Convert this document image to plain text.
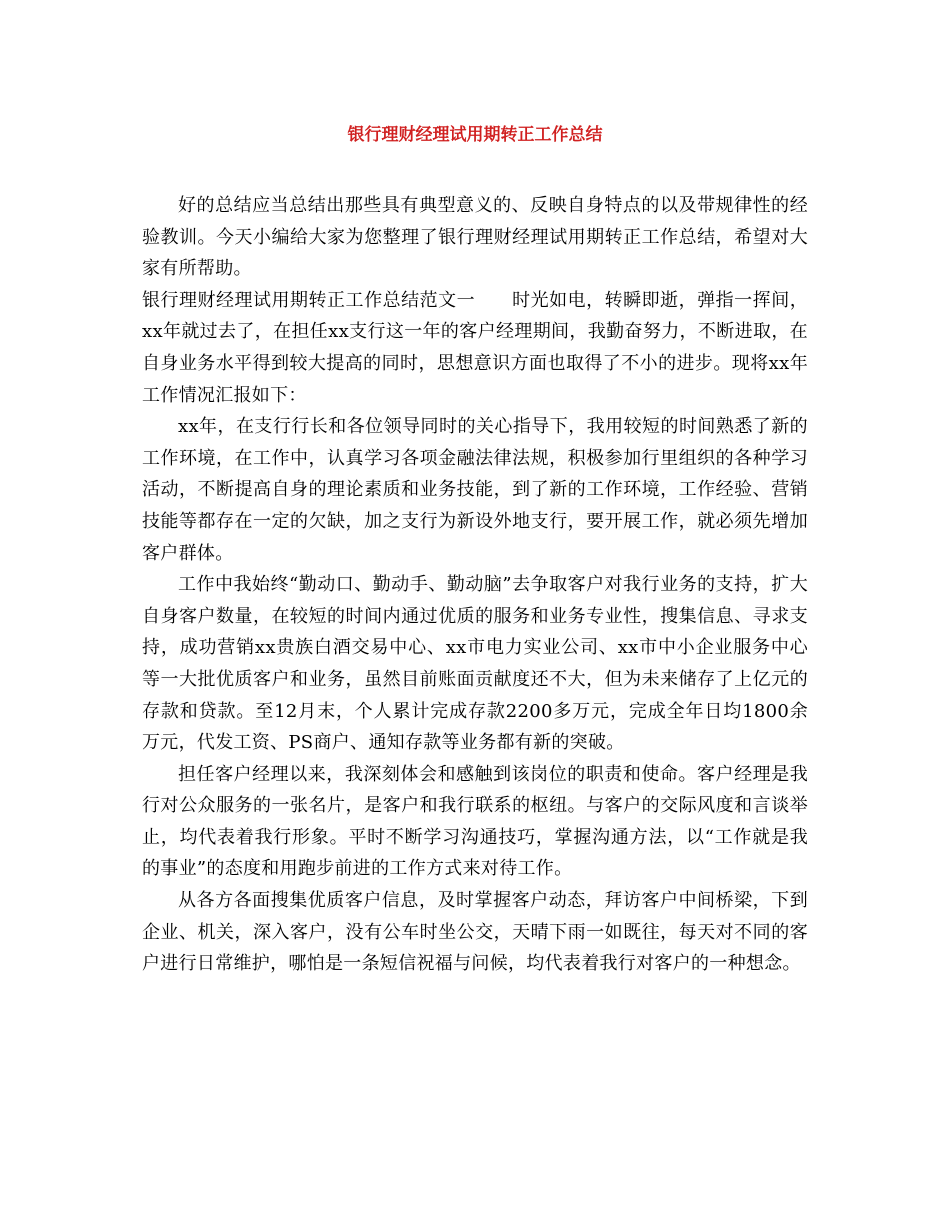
银行理财经理试用期转正工作总结

好的总结应当总结出那些具有典型意义的、反映自身特点的以及带规律性的经验教训。今天小编给大家为您整理了银行理财经理试用期转正工作总结，希望对大家有所帮助。

银行理财经理试用期转正工作总结范文一　　时光如电，转瞬即逝，弹指一挥间，xx年就过去了，在担任xx支行这一年的客户经理期间，我勤奋努力，不断进取，在自身业务水平得到较大提高的同时，思想意识方面也取得了不小的进步。现将xx年工作情况汇报如下：

xx年，在支行行长和各位领导同时的关心指导下，我用较短的时间熟悉了新的工作环境，在工作中，认真学习各项金融法律法规，积极参加行里组织的各种学习活动，不断提高自身的理论素质和业务技能，到了新的工作环境，工作经验、营销技能等都存在一定的欠缺，加之支行为新设外地支行，要开展工作，就必须先增加客户群体。

工作中我始终“勤动口、勤动手、勤动脑”去争取客户对我行业务的支持，扩大自身客户数量，在较短的时间内通过优质的服务和业务专业性，搜集信息、寻求支持，成功营销xx贵族白酒交易中心、xx市电力实业公司、xx市中小企业服务中心等一大批优质客户和业务，虽然目前账面贡献度还不大，但为未来储存了上亿元的存款和贷款。至12月末，个人累计完成存款2200多万元，完成全年日均1800余万元，代发工资、PS商户、通知存款等业务都有新的突破。

担任客户经理以来，我深刻体会和感触到该岗位的职责和使命。客户经理是我行对公众服务的一张名片，是客户和我行联系的枢纽。与客户的交际风度和言谈举止，均代表着我行形象。平时不断学习沟通技巧，掌握沟通方法，以“工作就是我的事业”的态度和用跑步前进的工作方式来对待工作。

从各方各面搜集优质客户信息，及时掌握客户动态，拜访客户中间桥梁，下到企业、机关，深入客户，没有公车时坐公交，天晴下雨一如既往，每天对不同的客户进行日常维护，哪怕是一条短信祝福与问候，均代表着我行对客户的一种想念。
